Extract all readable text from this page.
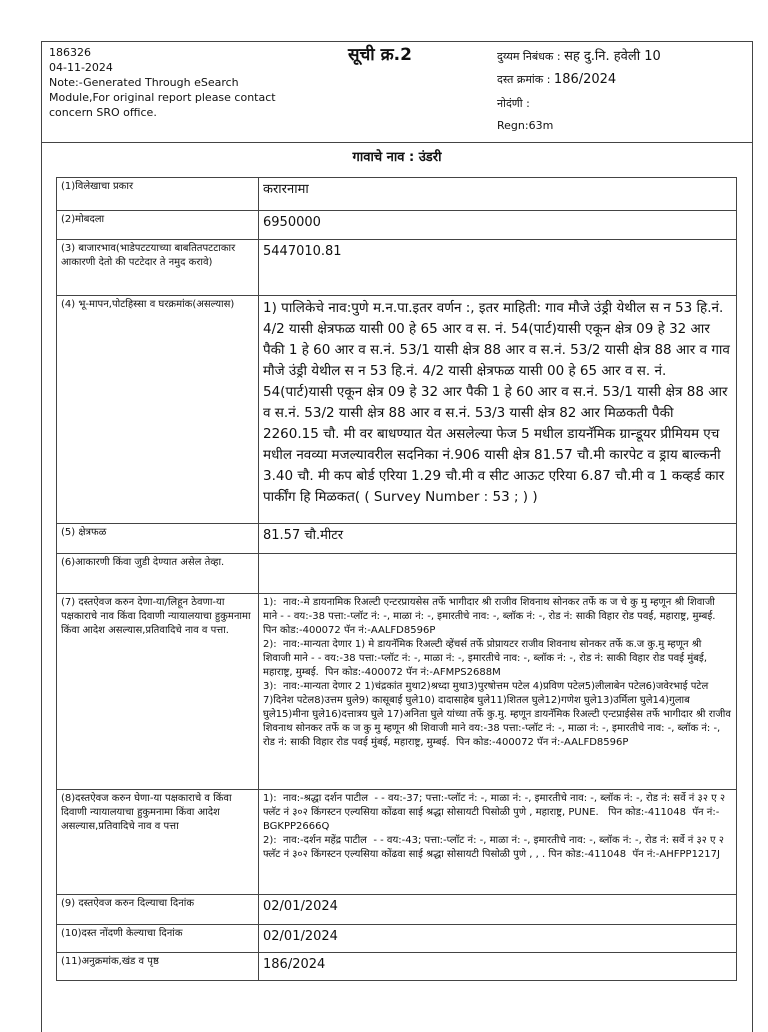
186326
04-11-2024
Note:-Generated Through eSearch Module,For original report please contact concern SRO office.
सूची क्र.2	दुय्यम निबंधक : सह दु.नि. हवेली 10
दस्त क्रमांक : 186/2024
नोदंणी :
Regn:63m
गावाचे नाव : उंडरी
(1)विलेखाचा प्रकार	करारनामा
(2)मोबदला	6950000
(3) बाजारभाव(भाडेपटटयाच्या बाबतितपटटाकार आकारणी देतो की पटटेदार ते नमुद करावे)	5447010.81
(4) भू-मापन,पोटहिस्सा व घरक्रमांक(असल्यास)	1) पालिकेचे नाव:पुणे म.न.पा.इतर वर्णन :, इतर माहिती: गाव मौजे उंड्री येथील स न 53 हि.नं. 4/2 यासी क्षेत्रफळ यासी 00 हे 65 आर व स. नं. 54(पार्ट)यासी एकून क्षेत्र 09 हे 32 आर पैकी 1 हे 60 आर व स.नं. 53/1 यासी क्षेत्र 88 आर व स.नं. 53/2 यासी क्षेत्र 88 आर व गाव मौजे उंड्री येथील स न 53 हि.नं. 4/2 यासी क्षेत्रफळ यासी 00 हे 65 आर व स. नं. 54(पार्ट)यासी एकून क्षेत्र 09 हे 32 आर पैकी 1 हे 60 आर व स.नं. 53/1 यासी क्षेत्र 88 आर व स.नं. 53/2 यासी क्षेत्र 88 आर व स.नं. 53/3 यासी क्षेत्र 82 आर मिळकती पैकी 2260.15 चौ. मी वर बाधण्यात येत असलेल्या फेज 5 मधील डायनॅमिक ग्रान्डूयर प्रीमियम एच मधील नवव्या मजल्यावरील सदनिका नं.906 यासी क्षेत्र 81.57 चौ.मी कारपेट व ड्राय बाल्कनी 3.40 चौ. मी कप बोर्ड एरिया 1.29 चौ.मी व सीट आऊट एरिया 6.87 चौ.मी व 1 कव्हर्ड कार पार्कींग हि मिळकत( ( Survey Number : 53 ; ) )
(5) क्षेत्रफळ	81.57 चौ.मीटर
(6)आकारणी किंवा जुडी देण्यात असेल तेव्हा.	
(7) दस्तऐवज करुन देणा-या/लिहून ठेवणा-या पक्षकाराचे नाव किंवा दिवाणी न्यायालयाचा हुकुमनामा किंवा आदेश असल्यास,प्रतिवादिचे नाव व पत्ता.	1):  नाव:-मे डायनामिक रिअल्टी एन्टरप्रायसेस तर्फे भागीदार श्री राजीव शिवनाथ सोनकर तर्फे क ज चे कु मु म्हणून श्री शिवाजी माने - - वय:-38 पत्ता:-प्लॉट नं: -, माळा नं: -, इमारतीचे नाव: -, ब्लॉक नं: -, रोड नं: साकी विहार रोड पवई, महाराष्ट्र, मुम्बई.  पिन कोड:-400072 पॅन नं:-AALFD8596P
2):  नाव:-मान्यता देणार 1) मे डायनॅमिक रिअल्टी व्हेंचर्स तर्फे प्रोप्रायटर राजीव शिवनाथ सोनकर तर्फे क.ज कु.मु म्हणून श्री शिवाजी माने - - वय:-38 पत्ता:-प्लॉट नं: -, माळा नं: -, इमारतीचे नाव: -, ब्लॉक नं: -, रोड नं: साकी विहार रोड पवई मुंबई, महाराष्ट्र, मुम्बई.  पिन कोड:-400072 पॅन नं:-AFMPS2688M
3):  नाव:-मान्यता देणार 2 1)चंद्रकांत मुथा2)श्रध्दा मुथा3)पुरषोत्तम पटेल 4)प्रविण पटेल5)लीलाबेन पटेल6)जवेरभाई पटेल 7)दिनेश पटेल8)उत्तम घुले9) कासूबाई घुले10) दादासाहेब घुले11)शितल घुले12)गणेश घुले13)उर्मिला घुले14)गुलाब घुले15)मीना घुले16)दत्तात्रय घुले 17)अनिता घुले यांच्या तर्फे कु.मु. म्हणून डायनॅमिक रिअल्टी एन्टप्राईसेस तर्फे भागीदार श्री राजीव शिवनाथ सोनकर तर्फे क ज कु मु म्हणून श्री शिवाजी माने वय:-38 पत्ता:-प्लॉट नं: -, माळा नं: -, इमारतीचे नाव: -, ब्लॉक नं: -, रोड नं: साकी विहार रोड पवई मुंबई, महाराष्ट्र, मुम्बई.  पिन कोड:-400072 पॅन नं:-AALFD8596P
(8)दस्तऐवज करुन घेणा-या पक्षकाराचे व किंवा दिवाणी न्यायालयाचा हुकुमनामा किंवा आदेश असल्यास,प्रतिवादिचे नाव व पत्ता	1):  नाव:-श्रद्धा दर्शन पाटील  - - वय:-37; पत्ता:-प्लॉट नं: -, माळा नं: -, इमारतीचे नाव: -, ब्लॉक नं: -, रोड नं: सर्वे नं ३२ ए २ फ्लॅट नं ३०२ किंगस्टन एल्यसिया कोंढवा साई श्रद्धा सोसायटी पिसोळी पुणे , महाराष्ट्र, PUNE.   पिन कोड:-411048  पॅन नं:-BGKPP2666Q
2):  नाव:-दर्शन महेंद्र पाटील  - - वय:-43; पत्ता:-प्लॉट नं: -, माळा नं: -, इमारतीचे नाव: -, ब्लॉक नं: -, रोड नं: सर्वे नं ३२ ए २ फ्लॅट नं ३०२ किंगस्टन एल्यसिया कोंढवा साई श्रद्धा सोसायटी पिसोळी पुणे , , . पिन कोड:-411048  पॅन नं:-AHFPP1217J
(9) दस्तऐवज करुन दिल्याचा दिनांक	02/01/2024
(10)दस्त नोंदणी केल्याचा दिनांक	02/01/2024
(11)अनुक्रमांक,खंड व पृष्ठ	186/2024
